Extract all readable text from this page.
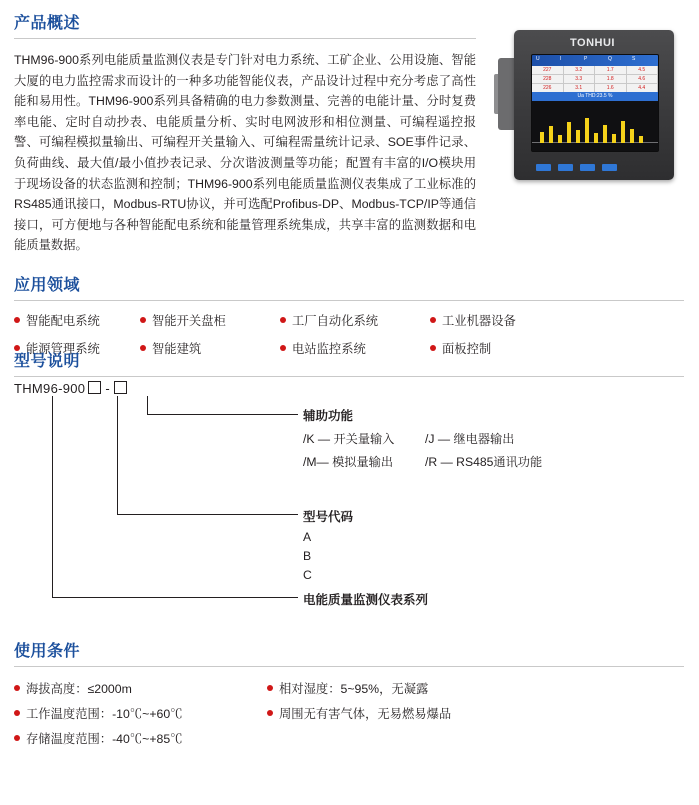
产品概述

THM96-900系列电能质量监测仪表是专门针对电力系统、工矿企业、公用设施、智能大厦的电力监控需求而设计的一种多功能智能仪表，产品设计过程中充分考虑了高性能和易用性。THM96-900系列具备精确的电力参数测量、完善的电能计量、分时复费率电能、定时自动抄表、电能质量分析、实时电网波形和相位测量、可编程遥控报警、可编程模拟量输出、可编程开关量输入、可编程需量统计记录、SOE事件记录、负荷曲线、最大值/最小值抄表记录、分次谐波测量等功能；配置有丰富的I/O模块用于现场设备的状态监测和控制；THM96-900系列电能质量监测仪表集成了工业标准的RS485通讯接口，Modbus-RTU协议，并可选配Profibus-DP、Modbus-TCP/IP等通信接口，可方便地与各种智能配电系统和能量管理系统集成，共享丰富的监测数据和电能质量数据。

TONHUI
U	I	P	Q	S
227	3.2	1.7	4.5
228	3.3	1.8	4.6
226	3.1	1.6	4.4
Ua THD:23.5 %
应用领域
智能配电系统	智能开关盘柜	工厂自动化系统	工业机器设备
能源管理系统	智能建筑	电站监控系统	面板控制
型号说明
THM96-900 -
辅助功能
/K — 开关量输入	/J — 继电器输出
/M— 模拟量输出	/R — RS485通讯功能
型号代码
A
B
C
电能质量监测仪表系列
使用条件
海拔高度：≤2000m	相对湿度：5~95%，无凝露
工作温度范围：-10℃~+60℃	周围无有害气体，无易燃易爆品
存储温度范围：-40℃~+85℃
